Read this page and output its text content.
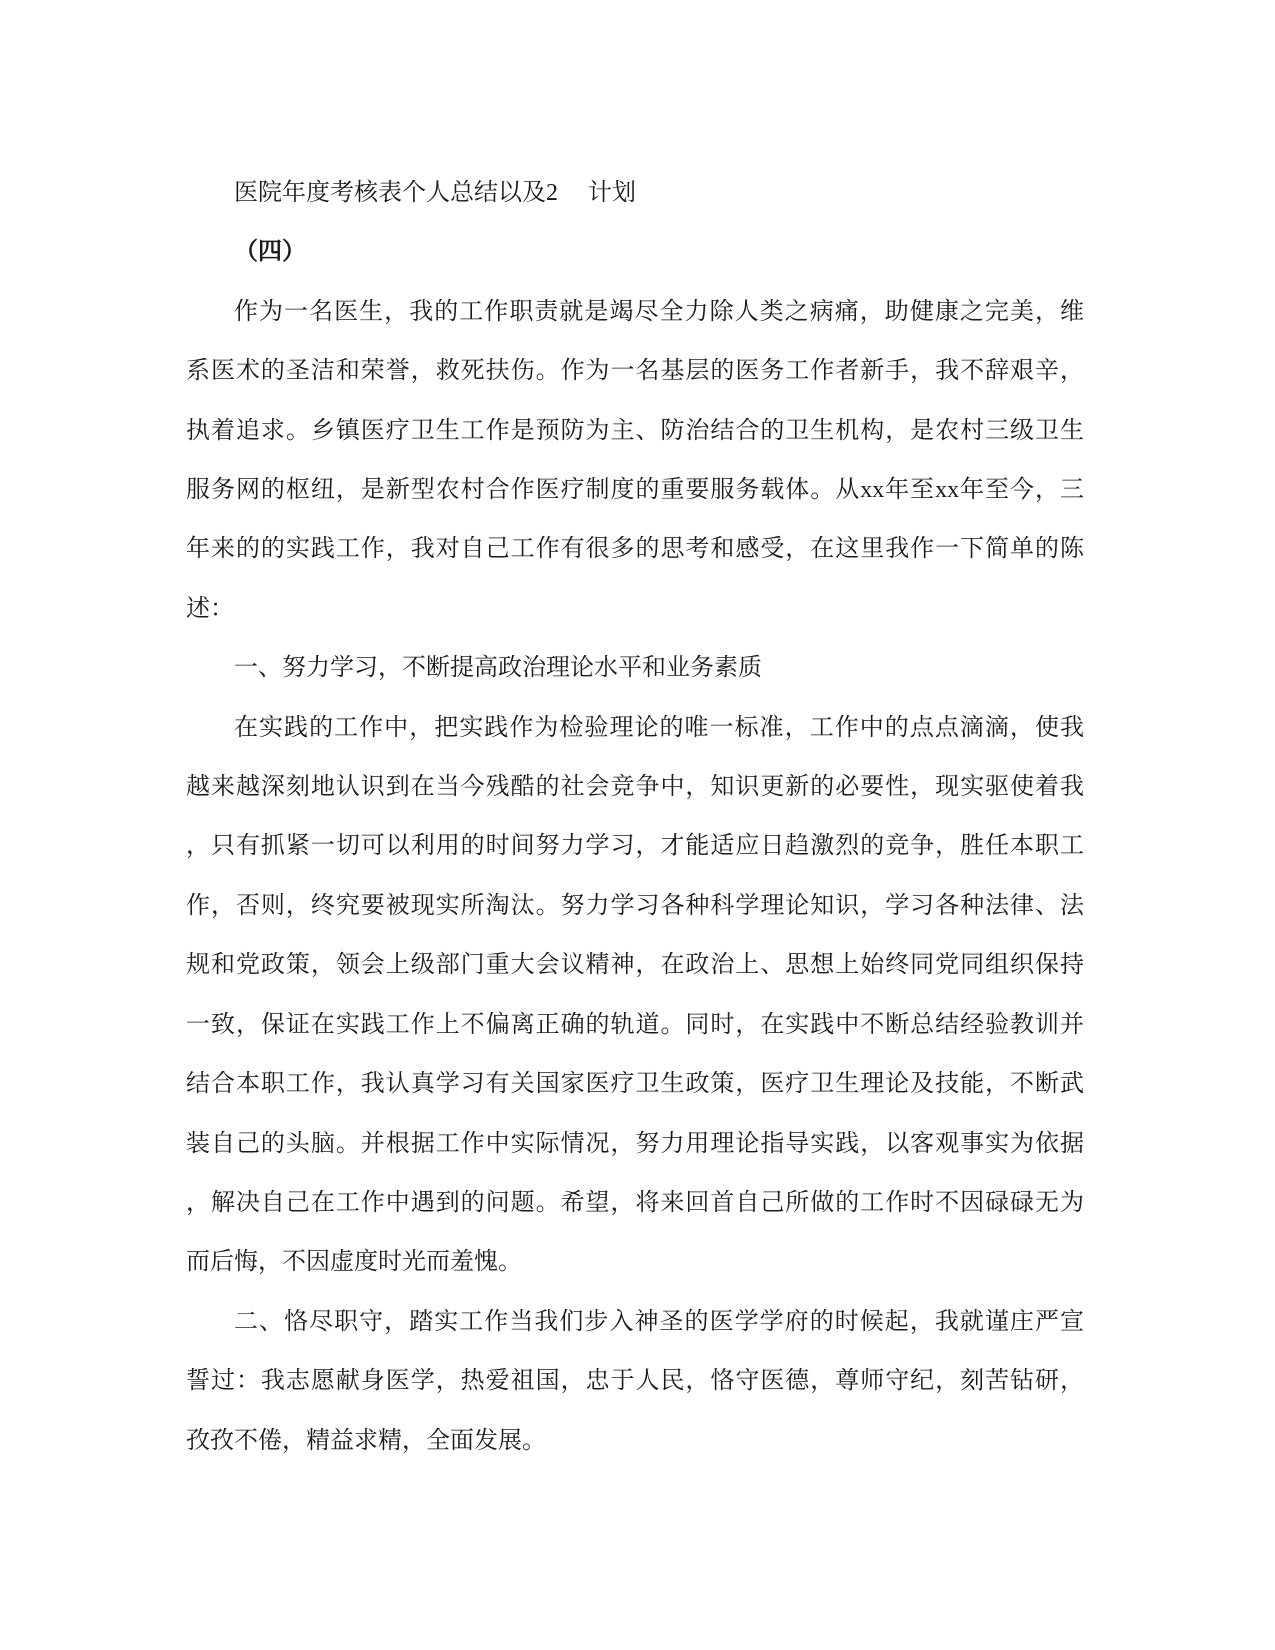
医院年度考核表个人总结以及2　 计划
（四）
作为一名医生，我的工作职责就是竭尽全力除人类之病痛，助健康之完美，维
系医术的圣洁和荣誉，救死扶伤。作为一名基层的医务工作者新手，我不辞艰辛，
执着追求。乡镇医疗卫生工作是预防为主、防治结合的卫生机构，是农村三级卫生
服务网的枢纽，是新型农村合作医疗制度的重要服务载体。从xx年至xx年至今，三
年来的的实践工作，我对自己工作有很多的思考和感受，在这里我作一下简单的陈
述：
一、努力学习，不断提高政治理论水平和业务素质
在实践的工作中，把实践作为检验理论的唯一标准，工作中的点点滴滴，使我
越来越深刻地认识到在当今残酷的社会竞争中，知识更新的必要性，现实驱使着我
，只有抓紧一切可以利用的时间努力学习，才能适应日趋激烈的竞争，胜任本职工
作，否则，终究要被现实所淘汰。努力学习各种科学理论知识，学习各种法律、法
规和党政策，领会上级部门重大会议精神，在政治上、思想上始终同党同组织保持
一致，保证在实践工作上不偏离正确的轨道。同时，在实践中不断总结经验教训并
结合本职工作，我认真学习有关国家医疗卫生政策，医疗卫生理论及技能，不断武
装自己的头脑。并根据工作中实际情况，努力用理论指导实践，以客观事实为依据
，解决自己在工作中遇到的问题。希望，将来回首自己所做的工作时不因碌碌无为
而后悔，不因虚度时光而羞愧。
二、恪尽职守，踏实工作当我们步入神圣的医学学府的时候起，我就谨庄严宣
誓过：我志愿献身医学，热爱祖国，忠于人民，恪守医德，尊师守纪，刻苦钻研，
孜孜不倦，精益求精，全面发展。
